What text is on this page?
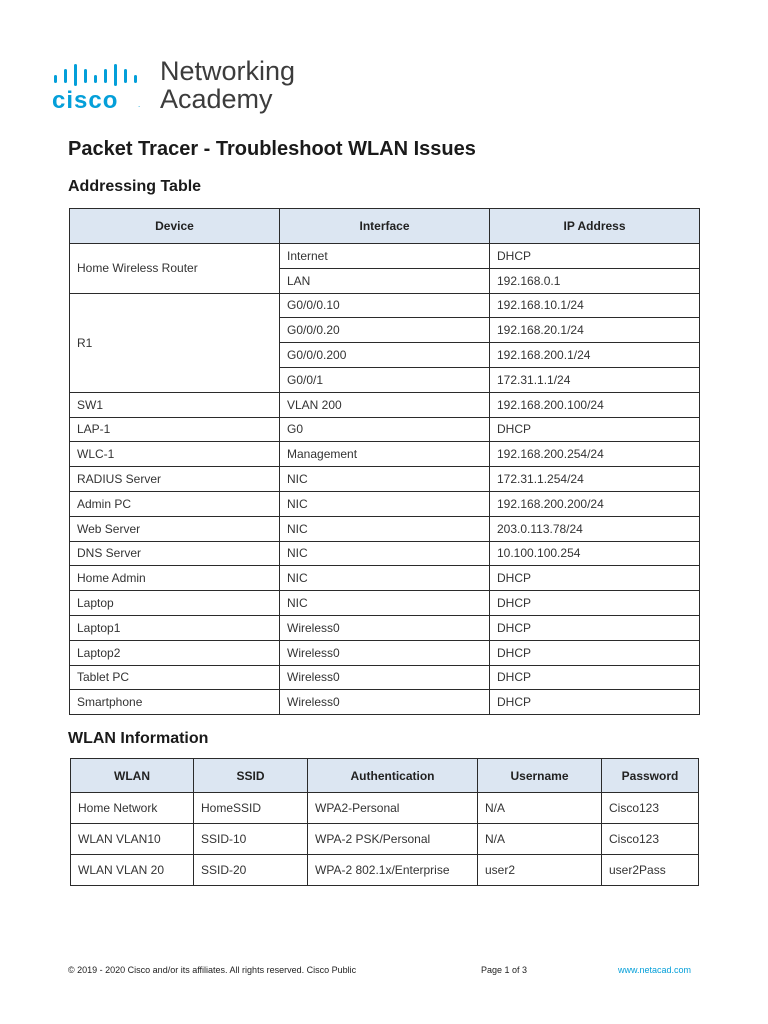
cisco .
Networking
Academy
Packet Tracer - Troubleshoot WLAN Issues
Addressing Table
Device	Interface	IP Address
Home Wireless Router	Internet	DHCP
	LAN	192.168.0.1
R1	G0/0/0.10	192.168.10.1/24
	G0/0/0.20	192.168.20.1/24
	G0/0/0.200	192.168.200.1/24
	G0/0/1	172.31.1.1/24
SW1	VLAN 200	192.168.200.100/24
LAP-1	G0	DHCP
WLC-1	Management	192.168.200.254/24
RADIUS Server	NIC	172.31.1.254/24
Admin PC	NIC	192.168.200.200/24
Web Server	NIC	203.0.113.78/24
DNS Server	NIC	10.100.100.254
Home Admin	NIC	DHCP
Laptop	NIC	DHCP
Laptop1	Wireless0	DHCP
Laptop2	Wireless0	DHCP
Tablet PC	Wireless0	DHCP
Smartphone	Wireless0	DHCP
WLAN Information
WLAN	SSID	Authentication	Username	Password
Home Network	HomeSSID	WPA2-Personal	N/A	Cisco123
WLAN VLAN10	SSID-10	WPA-2 PSK/Personal	N/A	Cisco123
WLAN VLAN 20	SSID-20	WPA-2 802.1x/Enterprise	user2	user2Pass
© 2019 - 2020 Cisco and/or its affiliates. All rights reserved. Cisco Public	Page 1 of 3	www.netacad.com
